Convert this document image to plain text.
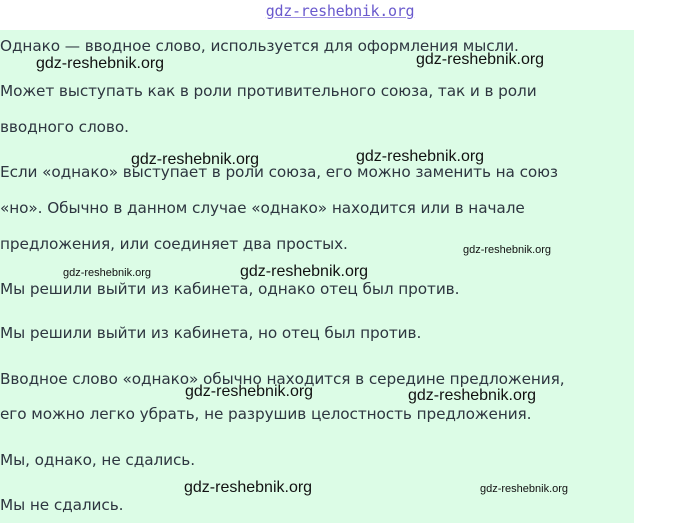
gdz-reshebnik.org
Однако — вводное слово, используется для оформления мысли.
Может выступать как в роли противительного союза, так и в роли
вводного слово.
Если «однако» выступает в роли союза, его можно заменить на союз
«но». Обычно в данном случае «однако» находится или в начале
предложения, или соединяет два простых.
Мы решили выйти из кабинета, однако отец был против.
Мы решили выйти из кабинета, но отец был против.
Вводное слово «однако» обычно находится в середине предложения,
его можно легко убрать, не разрушив целостность предложения.
Мы, однако, не сдались.
Мы не сдались.
gdz-reshebnik.org	gdz-reshebnik.org
gdz-reshebnik.org	gdz-reshebnik.org
gdz-reshebnik.org
gdz-reshebnik.org	gdz-reshebnik.org
gdz-reshebnik.org	gdz-reshebnik.org
gdz-reshebnik.org	gdz-reshebnik.org
